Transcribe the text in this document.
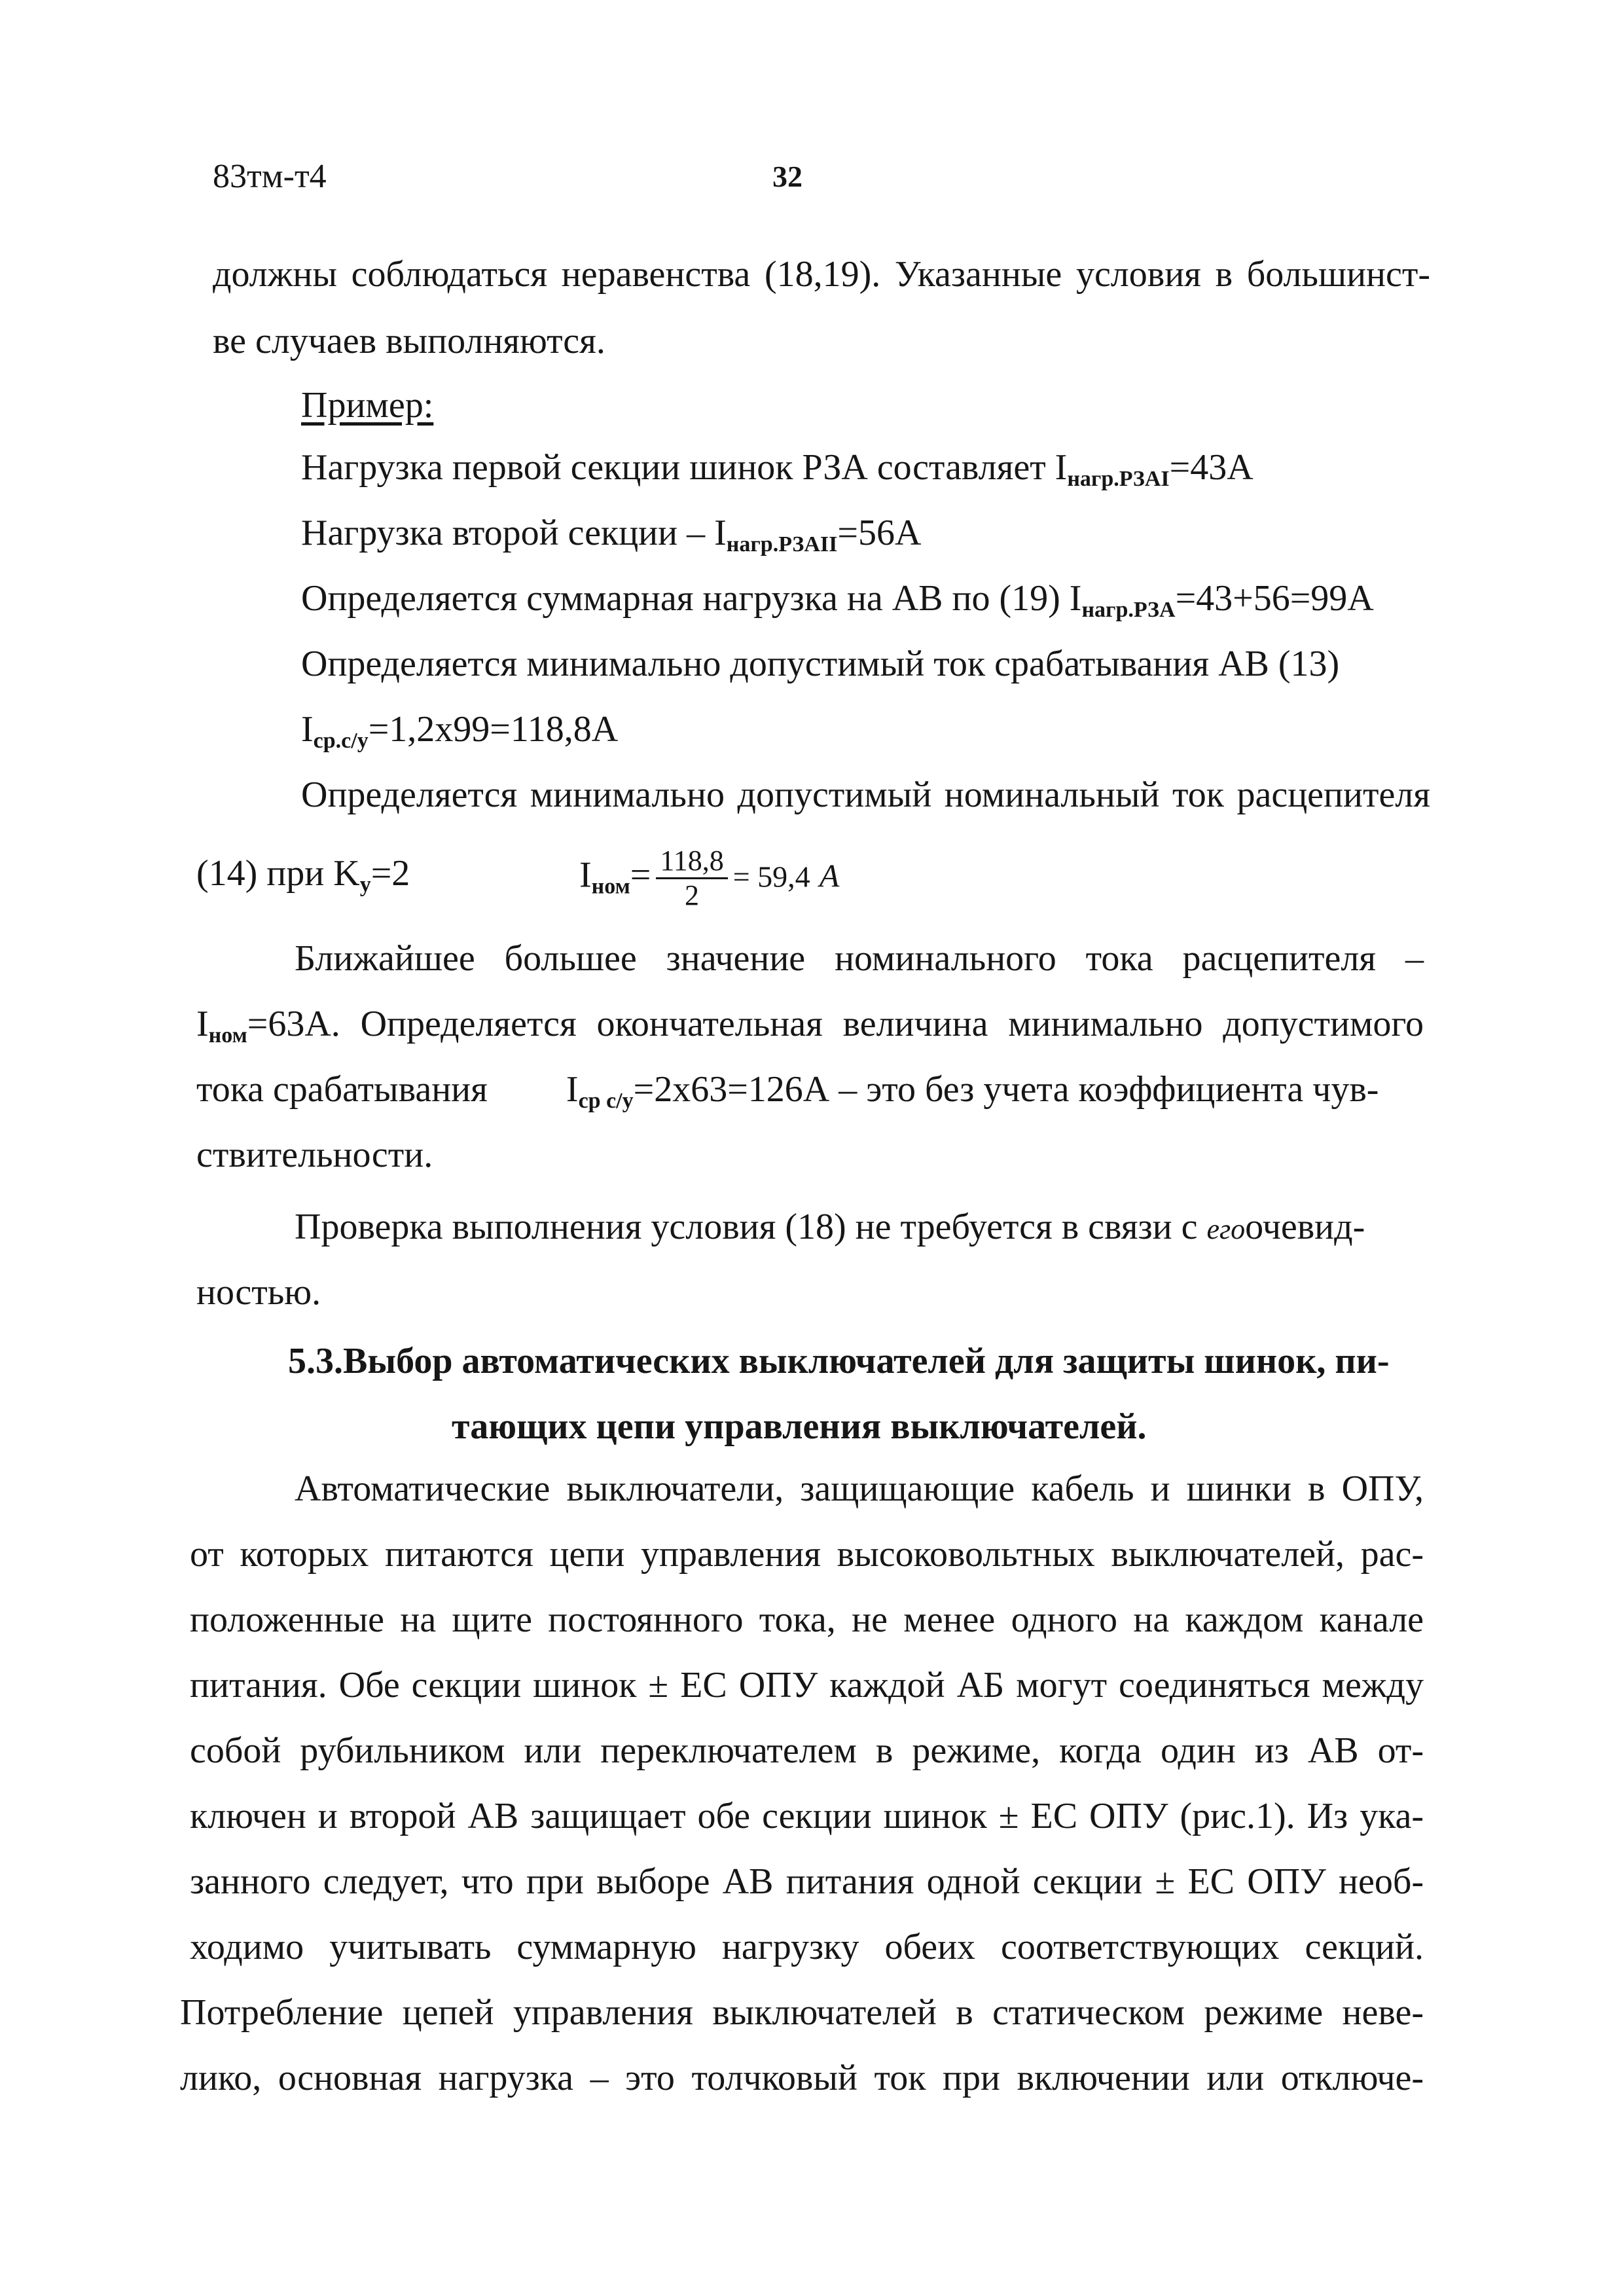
83тм-т4	32
должны соблюдаться неравенства (18,19). Указанные условия в большинст-
ве случаев выполняются.
Пример:
Нагрузка первой секции шинок РЗА составляет $I_{нагр.РЗАI}=43А$
Нагрузка второй секции – $I_{нагр.РЗАII}=56А$
Определяется суммарная нагрузка на АВ по (19) $I_{нагр.РЗА}=43+56=99А$
Определяется минимально допустимый ток срабатывания АВ (13)
$I_{ср.с/у}=1,2х99=118,8А$
Определяется минимально допустимый номинальный ток расцепителя
(14) при $K_у=2$	$I_{ном}= \frac{118,8}{2} = 59,4$ А
Ближайшее большее значение номинального тока расцепителя –
$I_{ном}=63А$. Определяется окончательная величина минимально допустимого
тока срабатывания $I_{ср с/у}=2х63=126А$ – это без учета коэффициента чув-
ствительности.
Проверка выполнения условия (18) не требуется в связи с егоочевид-
ностью.
5.3.Выбор автоматических выключателей для защиты шинок, пи-
тающих цепи управления выключателей.
Автоматические выключатели, защищающие кабель и шинки в ОПУ,
от которых питаются цепи управления высоковольтных выключателей, рас-
положенные на щите постоянного тока, не менее одного на каждом канале
питания. Обе секции шинок ± ЕС ОПУ каждой АБ могут соединяться между
собой рубильником или переключателем в режиме, когда один из АВ от-
ключен и второй АВ защищает обе секции шинок ± ЕС ОПУ (рис.1). Из ука-
занного следует, что при выборе АВ питания одной секции ± ЕС ОПУ необ-
ходимо учитывать суммарную нагрузку обеих соответствующих секций.
Потребление цепей управления выключателей в статическом режиме неве-
лико, основная нагрузка – это толчковый ток при включении или отключе-
